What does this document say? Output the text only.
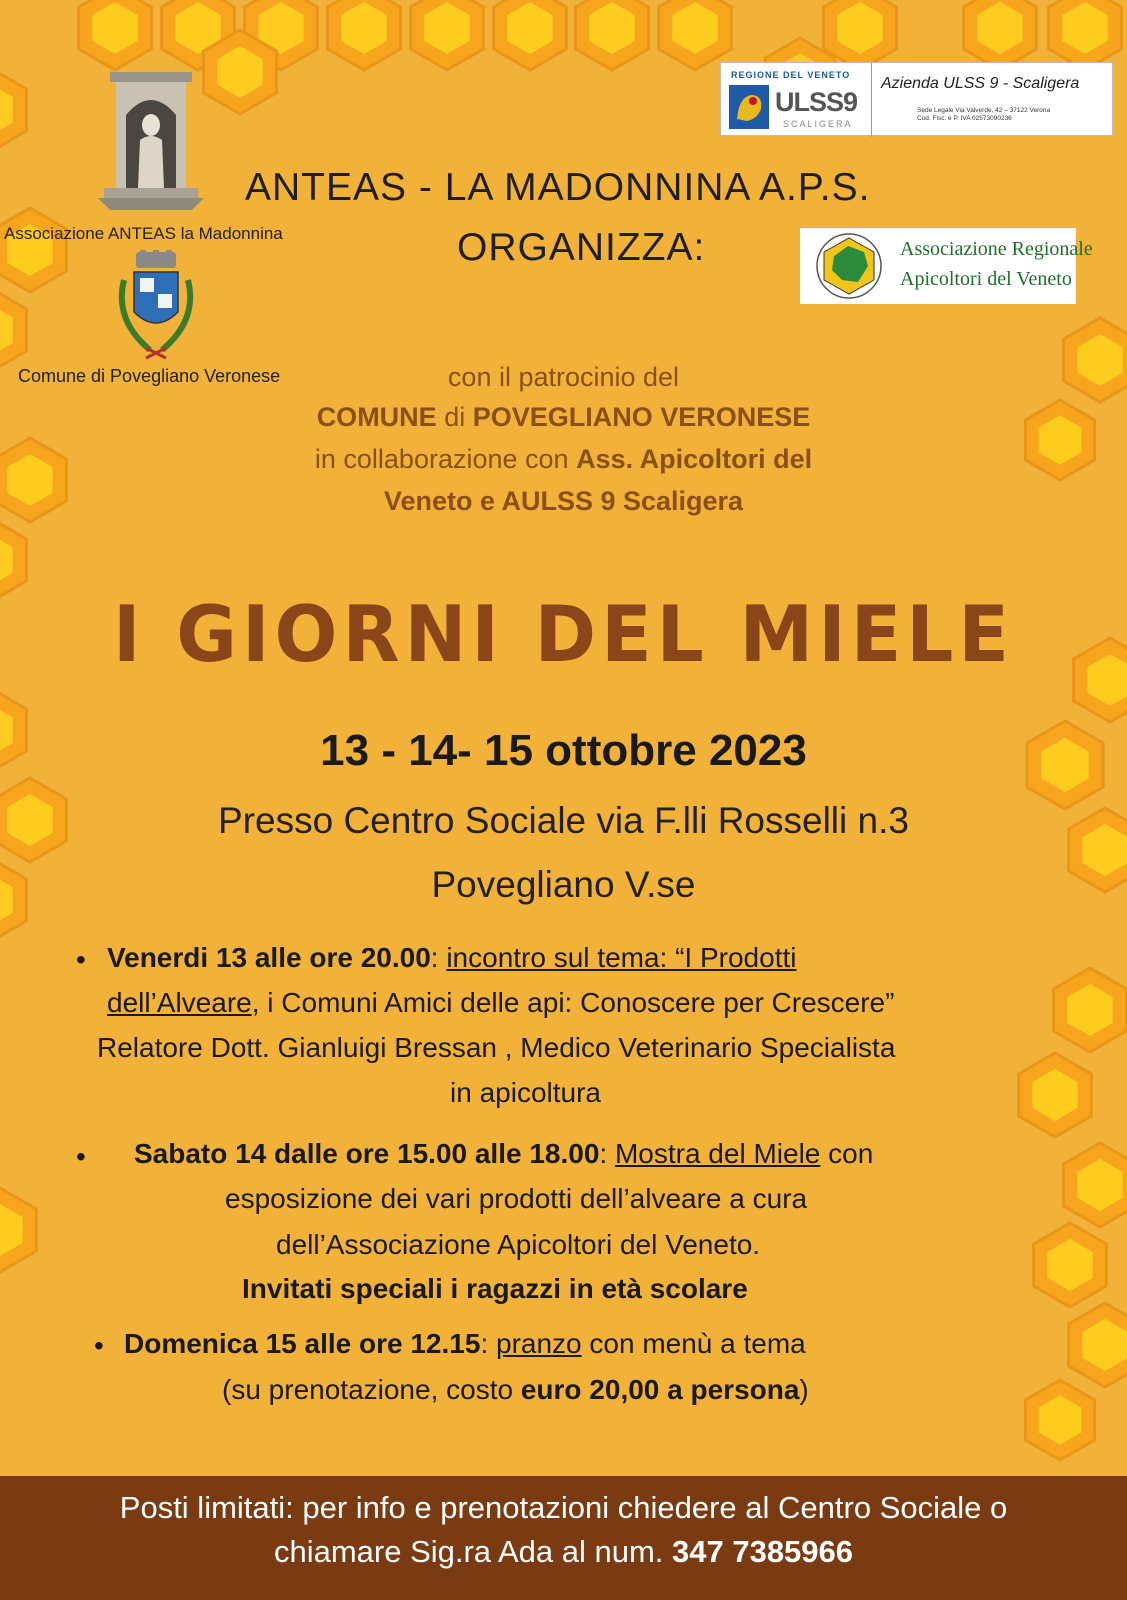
Associazione ANTEAS la Madonnina
Comune di Povegliano Veronese
REGIONE DEL VENETO
ULSS9
SCALIGERA
Azienda ULSS 9 - Scaligera
Sede Legale Via Valverde, 42 – 37122 Verona
Cod. Fisc. e P. IVA 02573090236
Associazione Regionale
Apicoltori del Veneto
ANTEAS - LA MADONNINA A.P.S.
ORGANIZZA:
con il patrocinio del
COMUNE di POVEGLIANO VERONESE
in collaborazione con Ass. Apicoltori del
Veneto e AULSS 9 Scaligera
I GIORNI DEL MIELE
13 - 14- 15 ottobre 2023
Presso Centro Sociale via F.lli Rosselli n.3
Povegliano V.se
• Venerdi 13 alle ore 20.00: incontro sul tema: “I Prodotti
dell’Alveare, i Comuni Amici delle api: Conoscere per Crescere”
Relatore Dott. Gianluigi Bressan , Medico Veterinario Specialista
in apicoltura
• Sabato 14 dalle ore 15.00 alle 18.00: Mostra del Miele con
esposizione dei vari prodotti dell’alveare a cura
dell’Associazione Apicoltori del Veneto.
Invitati speciali i ragazzi in età scolare
• Domenica 15 alle ore 12.15: pranzo con menù a tema
(su prenotazione, costo euro 20,00 a persona)
Posti limitati: per info e prenotazioni chiedere al Centro Sociale o
chiamare Sig.ra Ada al num. 347 7385966
